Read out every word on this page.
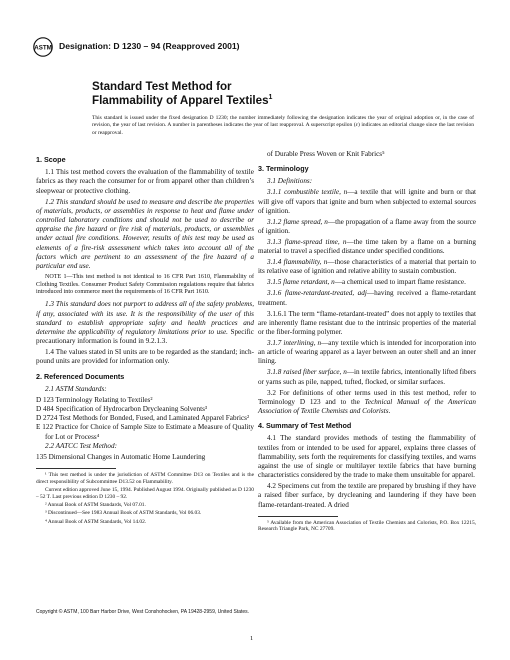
ASTM Designation: D 1230 – 94 (Reapproved 2001)
Standard Test Method for
Flammability of Apparel Textiles$^1$
This standard is issued under the fixed designation D 1230; the number immediately following the designation indicates the year of original adoption or, in the case of revision, the year of last revision. A number in parentheses indicates the year of last reapproval. A superscript epsilon (ε) indicates an editorial change since the last revision or reapproval.
1. Scope

1.1 This test method covers the evaluation of the flammability of textile fabrics as they reach the consumer for or from apparel other than children’s sleepwear or protective clothing.

1.2 This standard should be used to measure and describe the properties of materials, products, or assemblies in response to heat and flame under controlled laboratory conditions and should not be used to describe or appraise the fire hazard or fire risk of materials, products, or assemblies under actual fire conditions. However, results of this test may be used as elements of a fire-risk assessment which takes into account all of the factors which are pertinent to an assessment of the fire hazard of a particular end use.

NOTE 1—This test method is not identical to 16 CFR Part 1610, Flammability of Clothing Textiles. Consumer Product Safety Commission regulations require that fabrics introduced into commerce meet the requirements of 16 CFR Part 1610.

1.3 This standard does not purport to address all of the safety problems, if any, associated with its use. It is the responsibility of the user of this standard to establish appropriate safety and health practices and determine the applicability of regulatory limitations prior to use. Specific precautionary information is found in 9.2.1.3.

1.4 The values stated in SI units are to be regarded as the standard; inch-pound units are provided for information only.

2. Referenced Documents

2.1 ASTM Standards:

D 123 Terminology Relating to Textiles²

D 484 Specification of Hydrocarbon Drycleaning Solvents³

D 2724 Test Methods for Bonded, Fused, and Laminated Apparel Fabrics²

E 122 Practice for Choice of Sample Size to Estimate a Measure of Quality for Lot or Process⁴

2.2 AATCC Test Method:

135 Dimensional Changes in Automatic Home Laundering

¹ This test method is under the jurisdiction of ASTM Committee D13 on Textiles and is the direct responsibility of Subcommittee D13.52 on Flammability.

Current edition approved June 15, 1994. Published August 1994. Originally published as D 1230 – 52 T. Last previous edition D 1230 – 92.

² Annual Book of ASTM Standards, Vol 07.01.

³ Discontinued—See 1983 Annual Book of ASTM Standards, Vol 06.03.

⁴ Annual Book of ASTM Standards, Vol 14.02.

of Durable Press Woven or Knit Fabrics⁵

3. Terminology

3.1 Definitions:

3.1.1 combustible textile, n—a textile that will ignite and burn or that will give off vapors that ignite and burn when subjected to external sources of ignition.

3.1.2 flame spread, n—the propagation of a flame away from the source of ignition.

3.1.3 flame-spread time, n—the time taken by a flame on a burning material to travel a specified distance under specified conditions.

3.1.4 flammability, n—those characteristics of a material that pertain to its relative ease of ignition and relative ability to sustain combustion.

3.1.5 flame retardant, n—a chemical used to impart flame resistance.

3.1.6 flame-retardant-treated, adj—having received a flame-retardant treatment.

3.1.6.1 The term “flame-retardant-treated” does not apply to textiles that are inherently flame resistant due to the intrinsic properties of the material or the fiber-forming polymer.

3.1.7 interlining, n—any textile which is intended for incorporation into an article of wearing apparel as a layer between an outer shell and an inner lining.

3.1.8 raised fiber surface, n—in textile fabrics, intentionally lifted fibers or yarns such as pile, napped, tufted, flocked, or similar surfaces.

3.2 For definitions of other terms used in this test method, refer to Terminology D 123 and to the Technical Manual of the American Association of Textile Chemists and Colorists.

4. Summary of Test Method

4.1 The standard provides methods of testing the flammability of textiles from or intended to be used for apparel, explains three classes of flammability, sets forth the requirements for classifying textiles, and warns against the use of single or multilayer textile fabrics that have burning characteristics considered by the trade to make them unsuitable for apparel.

4.2 Specimens cut from the textile are prepared by brushing if they have a raised fiber surface, by drycleaning and laundering if they have been flame-retardant-treated. A dried

⁵ Available from the American Association of Textile Chemists and Colorists, P.O. Box 12215, Research Triangle Park, NC 27709.

Copyright © ASTM, 100 Barr Harbor Drive, West Conshohocken, PA 19428-2959, United States.
1
